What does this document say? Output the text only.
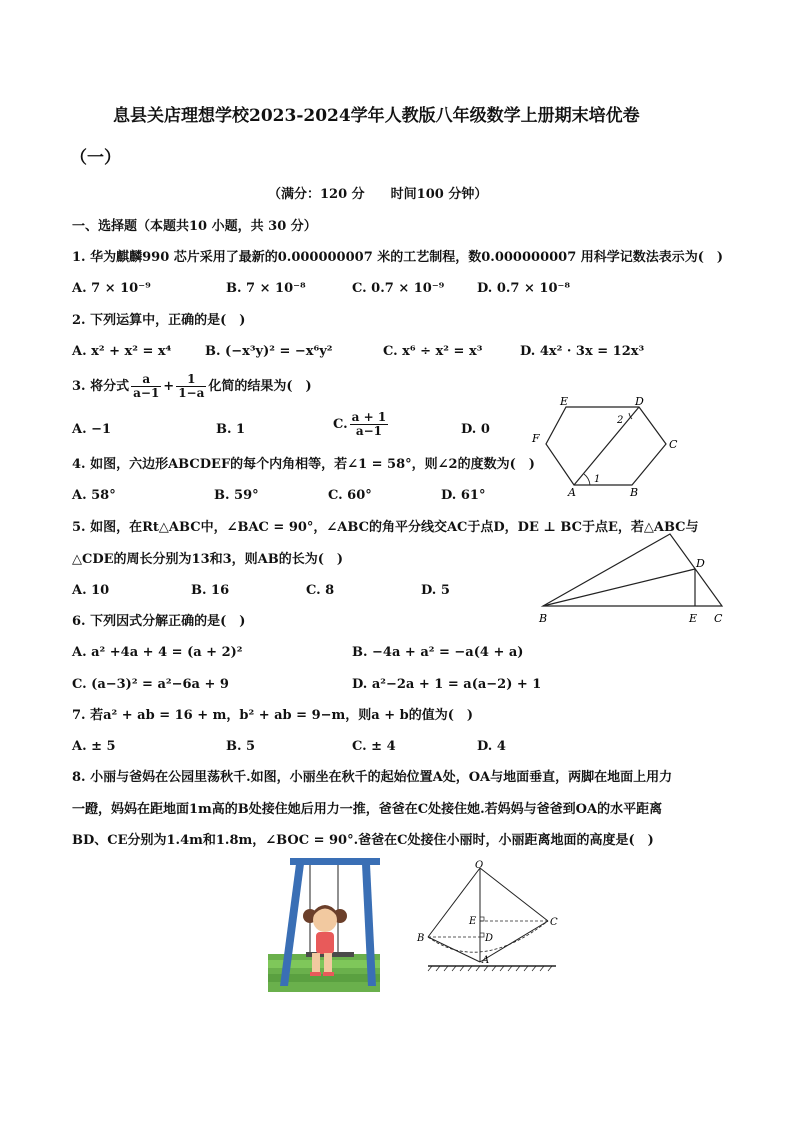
息县关店理想学校2023-2024学年人教版八年级数学上册期末培优卷
（一）
（满分：120 分　　时间100 分钟）
一、选择题（本题共10 小题，共 30 分）
1. 华为麒麟990 芯片采用了最新的0.000000007 米的工艺制程，数0.000000007 用科学记数法表示为(　)
A. 7 × 10⁻⁹	B. 7 × 10⁻⁸	C. 0.7 × 10⁻⁹	D. 0.7 × 10⁻⁸
2. 下列运算中，正确的是(　)
A. x² + x² = x⁴	B. (−x³y)² = −x⁶y²	C. x⁶ ÷ x² = x³	D. 4x² · 3x = 12x³
3. 将分式 $\frac{a}{a-1} + \frac{1}{1-a}$ 化简的结果为(　)
A. −1	B. 1	C. $\frac{a + 1}{a-1}$	D. 0
4. 如图，六边形ABCDEF的每个内角相等，若∠1 = 58°，则∠2的度数为(　)
A. 58°	B. 59°	C. 60°	D. 61°	A	B
C
D
E
F
1
2
5. 如图，在Rt△ABC中，∠BAC = 90°，∠ABC的角平分线交AC于点D，DE ⊥ BC于点E，若△ABC与
△CDE的周长分别为13和3，则AB的长为(　)
A. 10	B. 16	C. 8	D. 5
B	E C
D
6. 下列因式分解正确的是(　)
A. a² +4a + 4 = (a + 2)²	B. −4a + a² = −a(4 + a)
C. (a−3)² = a²−6a + 9	D. a²−2a + 1 = a(a−2) + 1
7. 若a² + ab = 16 + m，b² + ab = 9−m，则a + b的值为(　)
A. ± 5	B. 5	C. ± 4	D. 4
8. 小丽与爸妈在公园里荡秋千.如图，小丽坐在秋千的起始位置A处，OA与地面垂直，两脚在地面上用力
一蹬，妈妈在距地面1m高的B处接住她后用力一推，爸爸在C处接住她.若妈妈与爸爸到OA的水平距离
BD、CE分别为1.4m和1.8m，∠BOC = 90°.爸爸在C处接住小丽时，小丽距离地面的高度是(　)
O
B
C
E
D
A
